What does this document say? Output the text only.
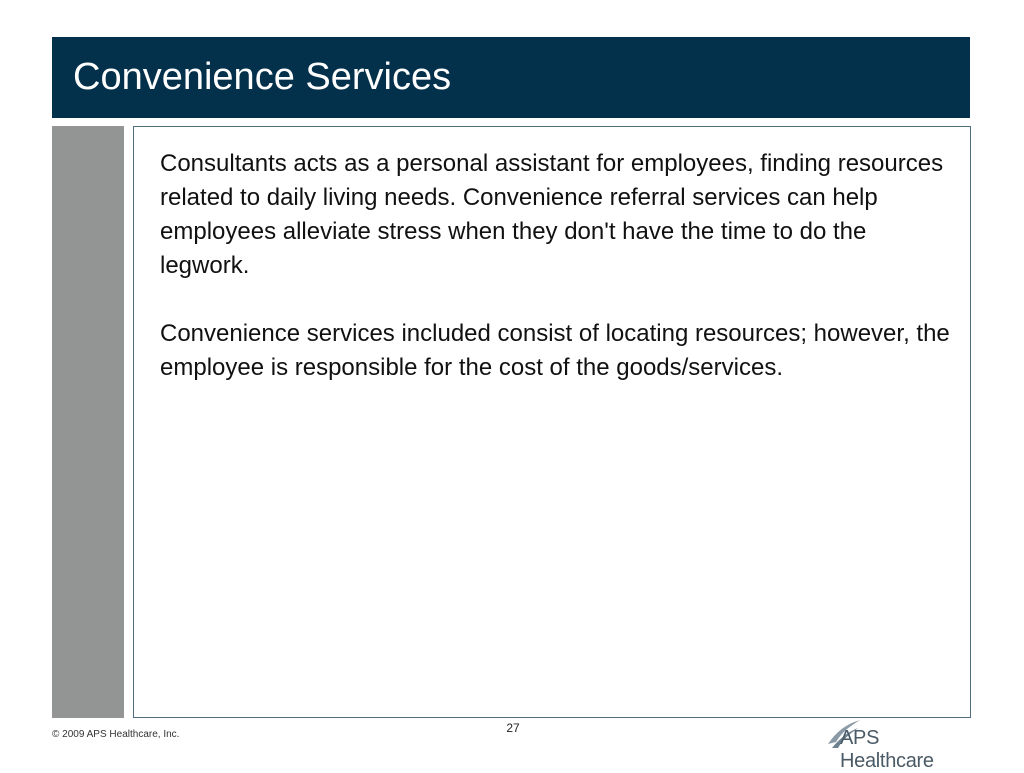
Convenience Services

Consultants acts as a personal assistant for employees, finding resources related to daily living needs. Convenience referral services can help employees alleviate stress when they don't have the time to do the legwork.

Convenience services included consist of locating resources; however, the employee is responsible for the cost of the goods/services.

27
© 2009 APS Healthcare, Inc.	APS Healthcare
